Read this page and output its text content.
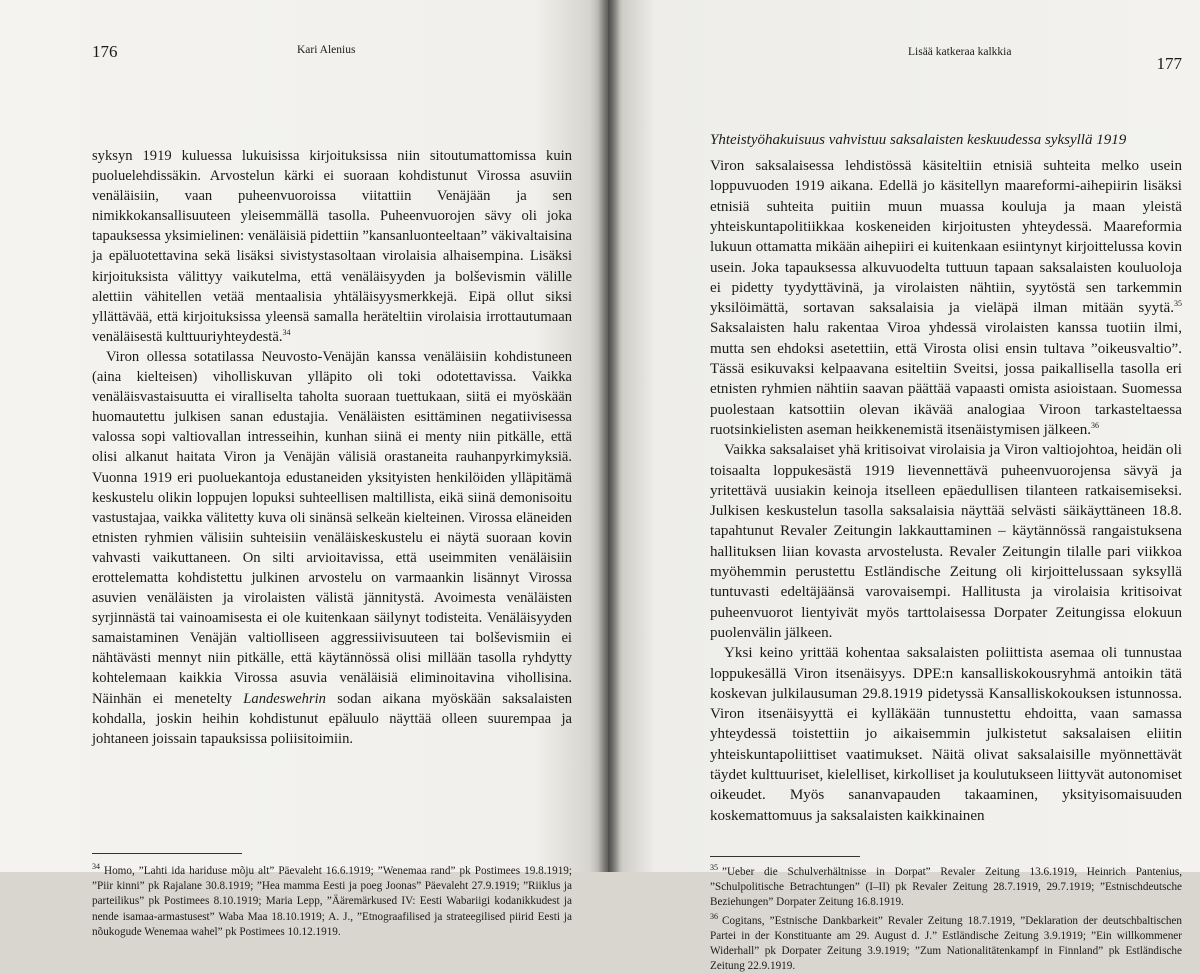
176	Kari Alenius

syksyn 1919 kuluessa lukuisissa kirjoituksissa niin sitoutumattomissa kuin puoluelehdissäkin. Arvostelun kärki ei suoraan kohdistunut Virossa asuviin venäläisiin, vaan puheenvuoroissa viitattiin Venäjään ja sen nimikkokansallisuuteen yleisemmällä tasolla. Puheenvuorojen sävy oli joka tapauksessa yksimielinen: venäläisiä pidettiin ”kansanluonteeltaan” väkivaltaisina ja epäluotettavina sekä lisäksi sivistystasoltaan virolaisia alhaisempina. Lisäksi kirjoituksista välittyy vaikutelma, että venäläisyyden ja bolševismin välille alettiin vähitellen vetää mentaalisia yhtäläisyysmerkkejä. Eipä ollut siksi yllättävää, että kirjoituksissa yleensä samalla heräteltiin virolaisia irrottautumaan venäläisestä kulttuuriyhteydestä.$^{34}$

Viron ollessa sotatilassa Neuvosto-Venäjän kanssa venäläisiin kohdistuneen (aina kielteisen) viholliskuvan ylläpito oli toki odotettavissa. Vaikka venäläisvastaisuutta ei viralliselta taholta suoraan tuettukaan, siitä ei myöskään huomautettu julkisen sanan edustajia. Venäläisten esittäminen negatiivisessa valossa sopi valtiovallan intresseihin, kunhan siinä ei menty niin pitkälle, että olisi alkanut haitata Viron ja Venäjän välisiä orastaneita rauhanpyrkimyksiä. Vuonna 1919 eri puoluekantoja edustaneiden yksityisten henkilöiden ylläpitämä keskustelu olikin loppujen lopuksi suhteellisen maltillista, eikä siinä demonisoitu vastustajaa, vaikka välitetty kuva oli sinänsä selkeän kielteinen. Virossa eläneiden etnisten ryhmien välisiin suhteisiin venäläiskeskustelu ei näytä suoraan kovin vahvasti vaikuttaneen. On silti arvioitavissa, että useimmiten venäläisiin erottelematta kohdistettu julkinen arvostelu on varmaankin lisännyt Virossa asuvien venäläisten ja virolaisten välistä jännitystä. Avoimesta venäläisten syrjinnästä tai vainoamisesta ei ole kuitenkaan säilynyt todisteita. Venäläisyyden samaistaminen Venäjän valtiolliseen aggressiivisuuteen tai bolševismiin ei nähtävästi mennyt niin pitkälle, että käytännössä olisi millään tasolla ryhdytty kohtelemaan kaikkia Virossa asuvia venäläisiä eliminoitavina vihollisina. Näinhän ei menetelty Landeswehrin sodan aikana myöskään saksalaisten kohdalla, joskin heihin kohdistunut epäluulo näyttää olleen suurempaa ja johtaneen joissain tapauksissa poliisitoimiin.

$^{34}$ Homo, ”Lahti ida hariduse mõju alt” Päevaleht 16.6.1919; ”Wenemaa rand” pk Postimees 19.8.1919; ”Piir kinni” pk Rajalane 30.8.1919; ”Hea mamma Eesti ja poeg Joonas” Päevaleht 27.9.1919; ”Riiklus ja parteilikus” pk Postimees 8.10.1919; Maria Lepp, ”Ääremärkused IV: Eesti Wabariigi kodanikkudest ja nende isamaa-armastusest” Waba Maa 18.10.1919; A. J., ”Etnograafilised ja strateegilised piirid Eesti ja nõukogude Wenemaa wahel” pk Postimees 10.12.1919.
Lisää katkeraa kalkkia
177
Yhteistyöhakuisuus vahvistuu saksalaisten keskuudessa syksyllä 1919

Viron saksalaisessa lehdistössä käsiteltiin etnisiä suhteita melko usein loppuvuoden 1919 aikana. Edellä jo käsitellyn maareformi-aihepiirin lisäksi etnisiä suhteita puitiin muun muassa kouluja ja maan yleistä yhteiskuntapolitiikkaa koskeneiden kirjoitusten yhteydessä. Maareformia lukuun ottamatta mikään aihepiiri ei kuitenkaan esiintynyt kirjoittelussa kovin usein. Joka tapauksessa alkuvuodelta tuttuun tapaan saksalaisten kouluoloja ei pidetty tyydyttävinä, ja virolaisten nähtiin, syytöstä sen tarkemmin yksilöimättä, sortavan saksalaisia ja vieläpä ilman mitään syytä.$^{35}$ Saksalaisten halu rakentaa Viroa yhdessä virolaisten kanssa tuotiin ilmi, mutta sen ehdoksi asetettiin, että Virosta olisi ensin tultava ”oikeusvaltio”. Tässä esikuvaksi kelpaavana esiteltiin Sveitsi, jossa paikallisella tasolla eri etnisten ryhmien nähtiin saavan päättää vapaasti omista asioistaan. Suomessa puolestaan katsottiin olevan ikävää analogiaa Viroon tarkasteltaessa ruotsinkielisten aseman heikkenemistä itsenäistymisen jälkeen.$^{36}$

Vaikka saksalaiset yhä kritisoivat virolaisia ja Viron valtiojohtoa, heidän oli toisaalta loppukesästä 1919 lievennettävä puheenvuorojensa sävyä ja yritettävä uusiakin keinoja itselleen epäedullisen tilanteen ratkaisemiseksi. Julkisen keskustelun tasolla saksalaisia näyttää selvästi säikäyttäneen 18.8. tapahtunut Revaler Zeitungin lakkauttaminen – käytännössä rangaistuksena hallituksen liian kovasta arvostelusta. Revaler Zeitungin tilalle pari viikkoa myöhemmin perustettu Estländische Zeitung oli kirjoittelussaan syksyllä tuntuvasti edeltäjäänsä varovaisempi. Hallitusta ja virolaisia kritisoivat puheenvuorot lientyivät myös tarttolaisessa Dorpater Zeitungissa elokuun puolenvälin jälkeen.

Yksi keino yrittää kohentaa saksalaisten poliittista asemaa oli tunnustaa loppukesällä Viron itsenäisyys. DPE:n kansalliskokousryhmä antoikin tätä koskevan julkilausuman 29.8.1919 pidetyssä Kansalliskokouksen istunnossa. Viron itsenäisyyttä ei kylläkään tunnustettu ehdoitta, vaan samassa yhteydessä toistettiin jo aikaisemmin julkistetut saksalaisen eliitin yhteiskuntapoliittiset vaatimukset. Näitä olivat saksalaisille myönnettävät täydet kulttuuriset, kielelliset, kirkolliset ja koulutukseen liittyvät autonomiset oikeudet. Myös sananvapauden takaaminen, yksityisomaisuuden koskemattomuus ja saksalaisten kaikkinainen

$^{35}$ ”Ueber die Schulverhältnisse in Dorpat” Revaler Zeitung 13.6.1919, Heinrich Pantenius, ”Schulpolitische Betrachtungen” (I–II) pk Revaler Zeitung 28.7.1919, 29.7.1919; ”Estnischdeutsche Beziehungen” Dorpater Zeitung 16.8.1919.
$^{36}$ Cogitans, ”Estnische Dankbarkeit” Revaler Zeitung 18.7.1919, ”Deklaration der deutschbaltischen Partei in der Konstituante am 29. August d. J.” Estländische Zeitung 3.9.1919; ”Ein willkommener Widerhall” pk Dorpater Zeitung 3.9.1919; ”Zum Nationalitätenkampf in Finnland” pk Estländische Zeitung 22.9.1919.
